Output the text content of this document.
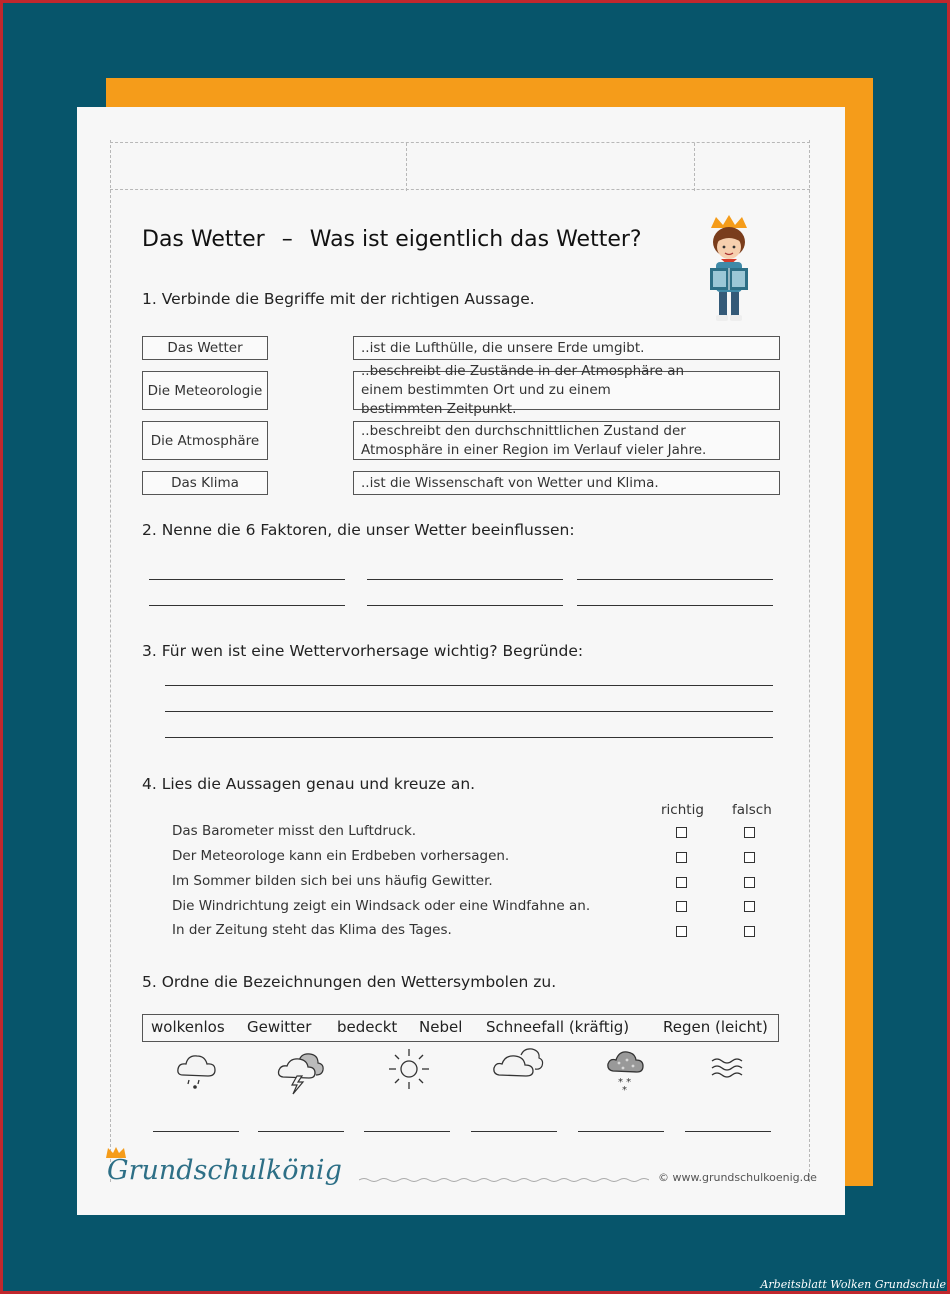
Das Wetter – Was ist eigentlich das Wetter?
1. Verbinde die Begriffe mit der richtigen Aussage.
Das Wetter
Die Meteorologie
Die Atmosphäre
Das Klima
..ist die Lufthülle, die unsere Erde umgibt.
..beschreibt die Zustände in der Atmosphäre an einem bestimmten Ort und zu einem bestimmten Zeitpunkt.
..beschreibt den durchschnittlichen Zustand der Atmosphäre in einer Region im Verlauf vieler Jahre.
..ist die Wissenschaft von Wetter und Klima.
2. Nenne die 6 Faktoren, die unser Wetter beeinflussen:
3. Für wen ist eine Wettervorhersage wichtig? Begründe:
4. Lies die Aussagen genau und kreuze an.
richtig falsch
Das Barometer misst den Luftdruck.
Der Meteorologe kann ein Erdbeben vorhersagen.
Im Sommer bilden sich bei uns häufig Gewitter.
Die Windrichtung zeigt ein Windsack oder eine Windfahne an.
In der Zeitung steht das Klima des Tages.
5. Ordne die Bezeichnungen den Wettersymbolen zu.
wolkenlos Gewitter bedeckt Nebel Schneefall (kräftig) Regen (leicht)
* *
*
Grundschulkönig	© www.grundschulkoenig.de
Arbeitsblatt Wolken Grundschule
